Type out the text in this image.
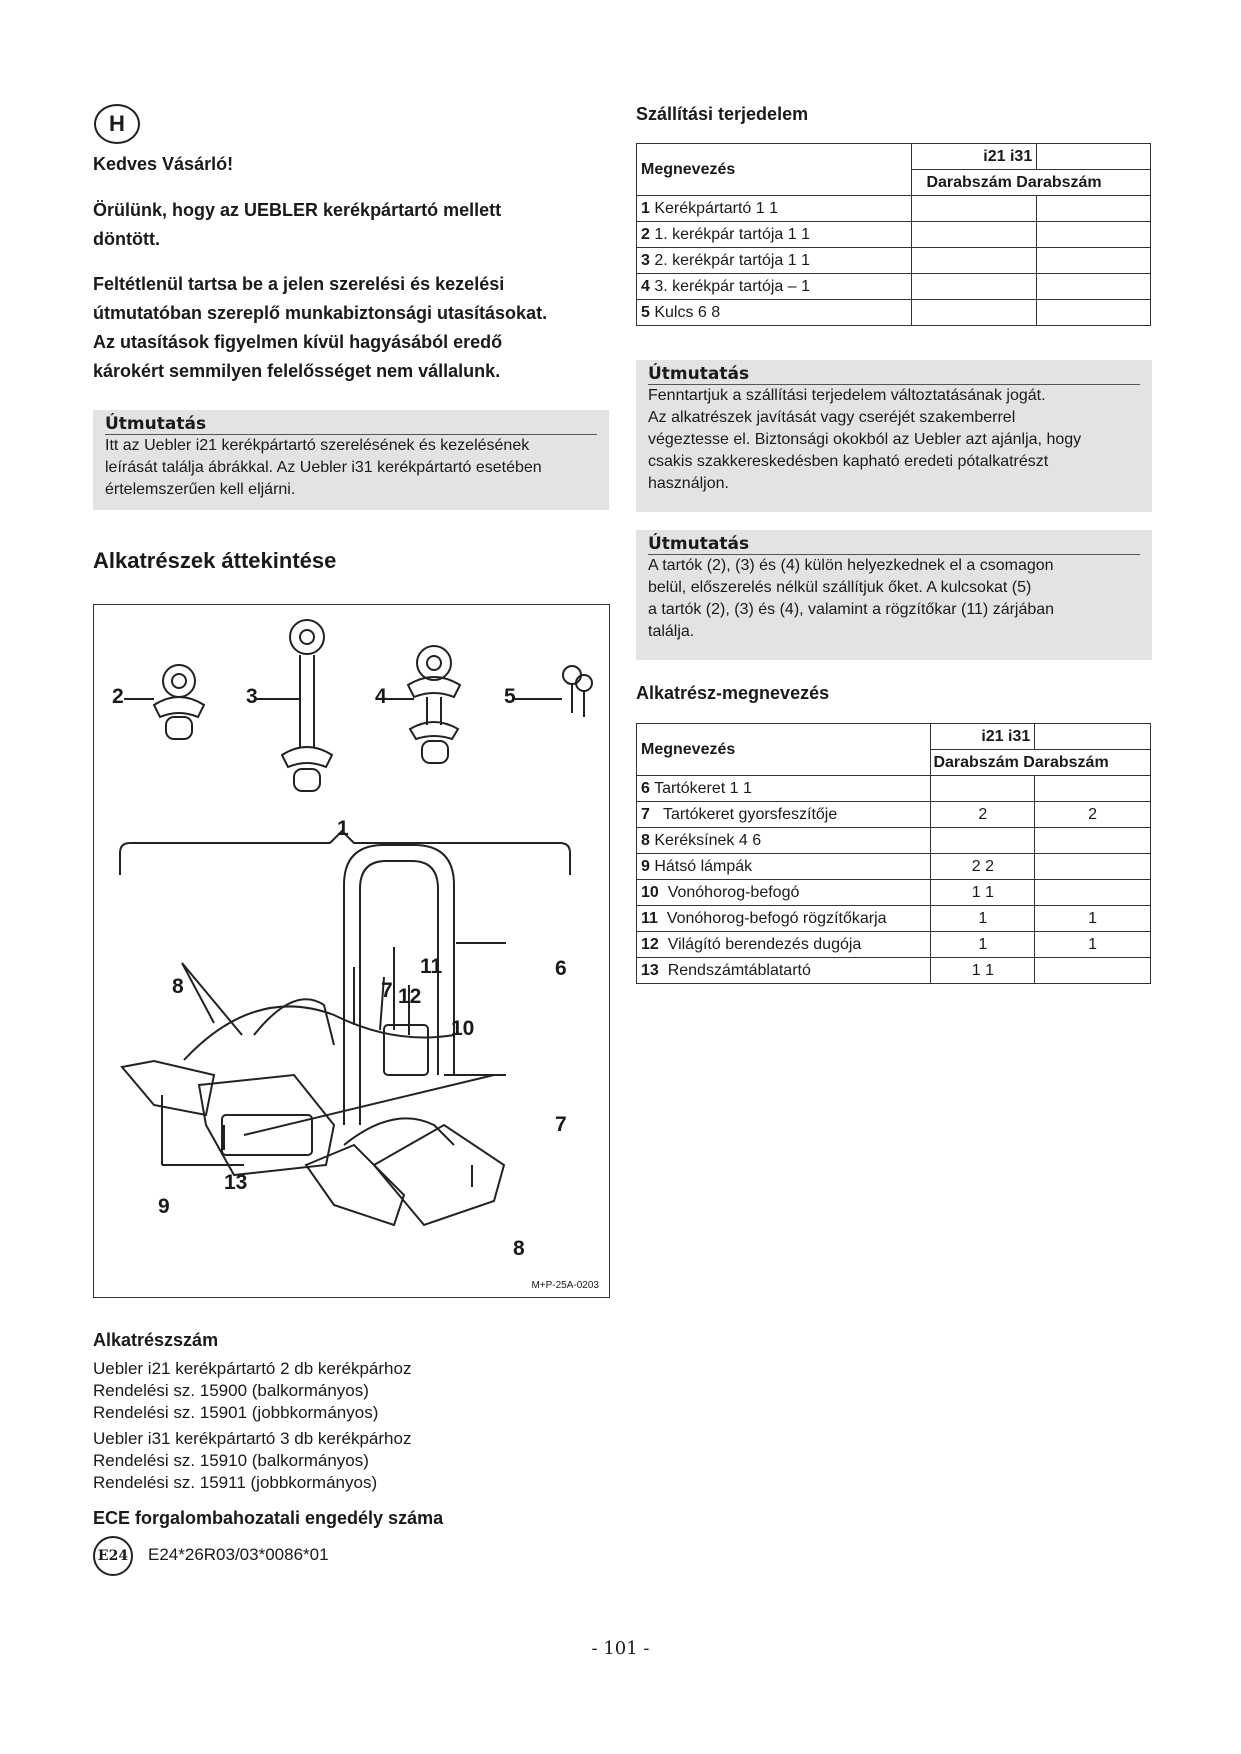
H
Kedves Vásárló!
Örülünk, hogy az UEBLER kerékpártartó mellett
döntött.
Feltétlenül tartsa be a jelen szerelési és kezelési
útmutatóban szereplő munkabiztonsági utasításokat.
Az utasítások figyelmen kívül hagyásából eredő
károkért semmilyen felelősséget nem vállalunk.
Útmutatás
Itt az Uebler i21 kerékpártartó szerelésének és kezelésének
leírását találja ábrákkal. Az Uebler i31 kerékpártartó esetében
értelemszerűen kell eljárni.
Alkatrészek áttekintése
2	3	4	5
1
8	7
11
12
10
6
7
13
9
8
M+P-25A-0203
Alkatrészszám
Uebler i21 kerékpártartó 2 db kerékpárhoz
Rendelési sz. 15900 (balkormányos)
Rendelési sz. 15901 (jobbkormányos)
Uebler i31 kerékpártartó 3 db kerékpárhoz
Rendelési sz. 15910 (balkormányos)
Rendelési sz. 15911 (jobbkormányos)
ECE forgalombahozatali engedély száma
E24 E24*26R03/03*0086*01
Szállítási terjedelem
Megnevezés	i21 i31	
	Darabszám Darabszám	
1 Kerékpártartó 1 1		
2 1. kerékpár tartója 1 1		
3 2. kerékpár tartója 1 1		
4 3. kerékpár tartója – 1		
5 Kulcs 6 8		
Útmutatás
Fenntartjuk a szállítási terjedelem változtatásának jogát.
Az alkatrészek javítását vagy cseréjét szakemberrel
végeztesse el. Biztonsági okokból az Uebler azt ajánlja, hogy
csakis szakkereskedésben kapható eredeti pótalkatrészt
használjon.
Útmutatás
A tartók (2), (3) és (4) külön helyezkednek el a csomagon
belül, előszerelés nélkül szállítjuk őket. A kulcsokat (5)
a tartók (2), (3) és (4), valamint a rögzítőkar (11) zárjában
találja.
Alkatrész-megnevezés
Megnevezés	i21 i31	
	Darabszám Darabszám	
6 Tartókeret 1 1		
7 Tartókeret gyorsfeszítője	2	2
8 Keréksínek 4 6		
9 Hátsó lámpák	2 2	
10 Vonóhorog-befogó	1 1	
11 Vonóhorog-befogó rögzítőkarja	1	1
12 Világító berendezés dugója	1	1
13 Rendszámtáblatartó	1 1	
- 101 -
